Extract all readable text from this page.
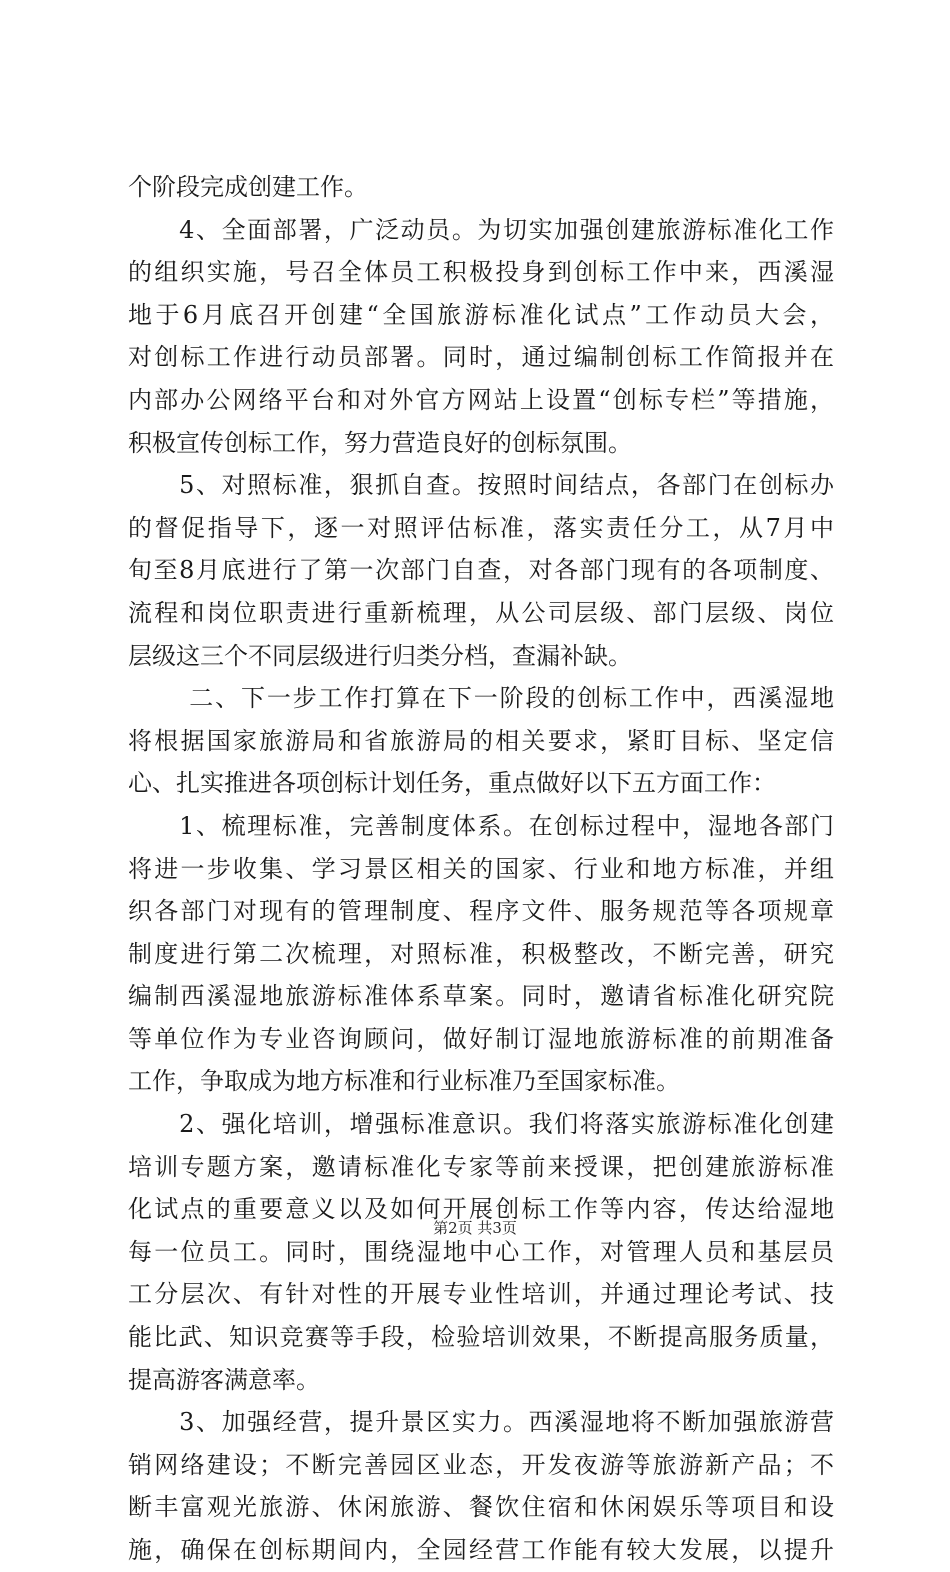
个阶段完成创建工作。
　　4、全面部署，广泛动员。为切实加强创建旅游标准化工作
的组织实施，号召全体员工积极投身到创标工作中来，西溪湿
地于6月底召开创建“全国旅游标准化试点”工作动员大会，
对创标工作进行动员部署。同时，通过编制创标工作简报并在
内部办公网络平台和对外官方网站上设置“创标专栏”等措施，
积极宣传创标工作，努力营造良好的创标氛围。
　　5、对照标准，狠抓自查。按照时间结点，各部门在创标办
的督促指导下，逐一对照评估标准，落实责任分工，从7月中
旬至8月底进行了第一次部门自查，对各部门现有的各项制度、
流程和岗位职责进行重新梳理，从公司层级、部门层级、岗位
层级这三个不同层级进行归类分档，查漏补缺。
　　 二、下一步工作打算在下一阶段的创标工作中，西溪湿地
将根据国家旅游局和省旅游局的相关要求，紧盯目标、坚定信
心、扎实推进各项创标计划任务，重点做好以下五方面工作：
　　1、梳理标准，完善制度体系。在创标过程中，湿地各部门
将进一步收集、学习景区相关的国家、行业和地方标准，并组
织各部门对现有的管理制度、程序文件、服务规范等各项规章
制度进行第二次梳理，对照标准，积极整改，不断完善，研究
编制西溪湿地旅游标准体系草案。同时，邀请省标准化研究院
等单位作为专业咨询顾问，做好制订湿地旅游标准的前期准备
工作，争取成为地方标准和行业标准乃至国家标准。
　　2、强化培训，增强标准意识。我们将落实旅游标准化创建
培训专题方案，邀请标准化专家等前来授课，把创建旅游标准
化试点的重要意义以及如何开展创标工作等内容，传达给湿地
每一位员工。同时，围绕湿地中心工作，对管理人员和基层员
工分层次、有针对性的开展专业性培训，并通过理论考试、技
能比武、知识竞赛等手段，检验培训效果，不断提高服务质量，
提高游客满意率。
　　3、加强经营，提升景区实力。西溪湿地将不断加强旅游营
销网络建设；不断完善园区业态，开发夜游等旅游新产品；不
断丰富观光旅游、休闲旅游、餐饮住宿和休闲娱乐等项目和设
施，确保在创标期间内，全园经营工作能有较大发展，以提升
第2页 共3页
